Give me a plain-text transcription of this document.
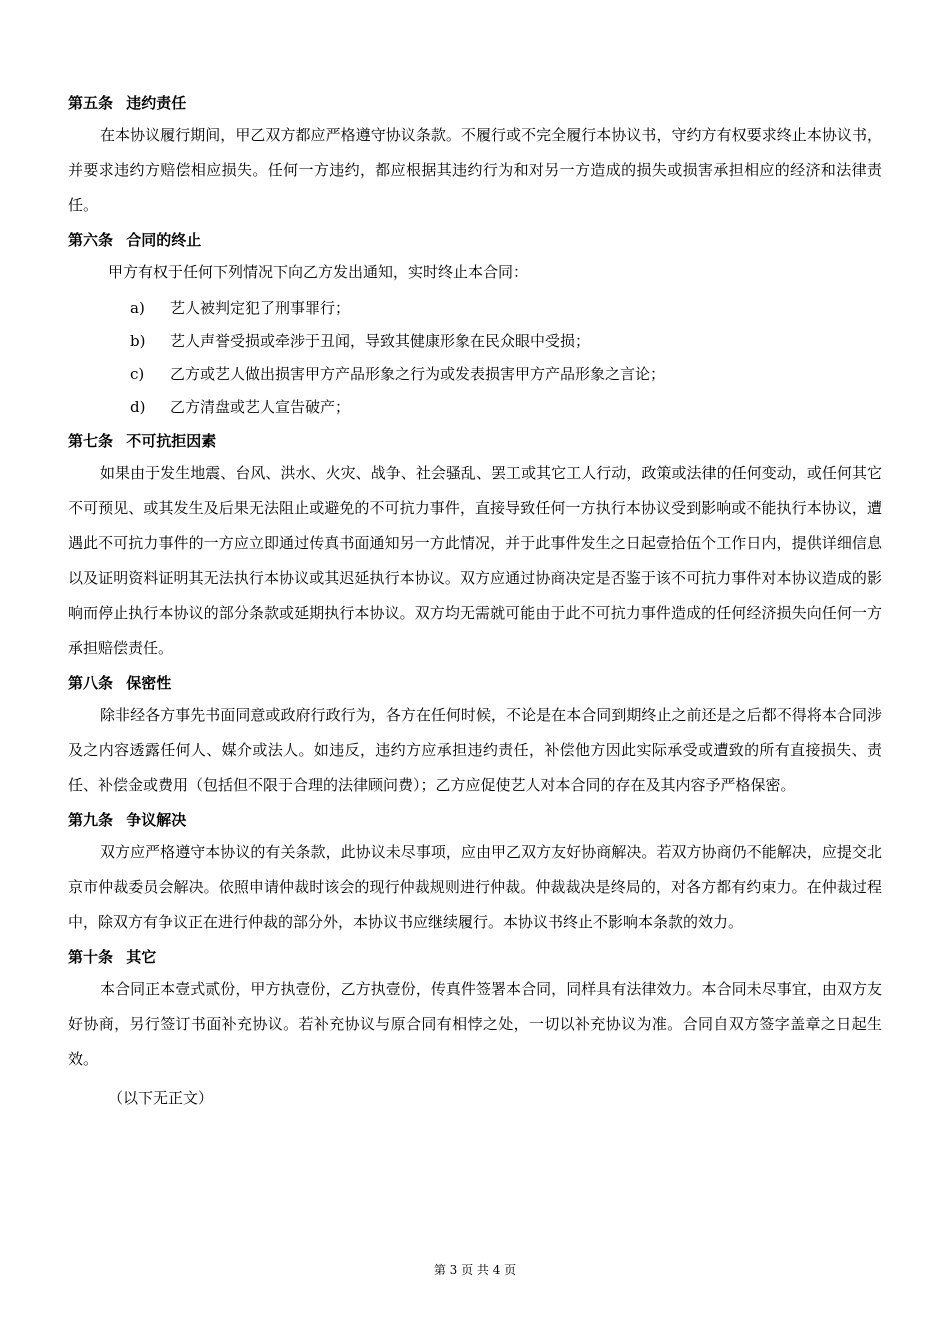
第五条 违约责任

在本协议履行期间，甲乙双方都应严格遵守协议条款。不履行或不完全履行本协议书，守约方有权要求终止本协议书，并要求违约方赔偿相应损失。任何一方违约，都应根据其违约行为和对另一方造成的损失或损害承担相应的经济和法律责任。

第六条 合同的终止

甲方有权于任何下列情况下向乙方发出通知，实时终止本合同：

a)	艺人被判定犯了刑事罪行；
b)	艺人声誉受损或牵涉于丑闻，导致其健康形象在民众眼中受损；
c)	乙方或艺人做出损害甲方产品形象之行为或发表损害甲方产品形象之言论；
d)	乙方清盘或艺人宣告破产；
第七条 不可抗拒因素

如果由于发生地震、台风、洪水、火灾、战争、社会骚乱、罢工或其它工人行动，政策或法律的任何变动，或任何其它不可预见、或其发生及后果无法阻止或避免的不可抗力事件，直接导致任何一方执行本协议受到影响或不能执行本协议，遭遇此不可抗力事件的一方应立即通过传真书面通知另一方此情况，并于此事件发生之日起壹拾伍个工作日内，提供详细信息以及证明资料证明其无法执行本协议或其迟延执行本协议。双方应通过协商决定是否鉴于该不可抗力事件对本协议造成的影响而停止执行本协议的部分条款或延期执行本协议。双方均无需就可能由于此不可抗力事件造成的任何经济损失向任何一方承担赔偿责任。

第八条 保密性

除非经各方事先书面同意或政府行政行为，各方在任何时候，不论是在本合同到期终止之前还是之后都不得将本合同涉及之内容透露任何人、媒介或法人。如违反，违约方应承担违约责任，补偿他方因此实际承受或遭致的所有直接损失、责任、补偿金或费用（包括但不限于合理的法律顾问费）；乙方应促使艺人对本合同的存在及其内容予严格保密。

第九条 争议解决

双方应严格遵守本协议的有关条款，此协议未尽事项，应由甲乙双方友好协商解决。若双方协商仍不能解决，应提交北京市仲裁委员会解决。依照申请仲裁时该会的现行仲裁规则进行仲裁。仲裁裁决是终局的，对各方都有约束力。在仲裁过程中，除双方有争议正在进行仲裁的部分外，本协议书应继续履行。本协议书终止不影响本条款的效力。

第十条 其它

本合同正本壹式贰份，甲方执壹份，乙方执壹份，传真件签署本合同，同样具有法律效力。本合同未尽事宜，由双方友好协商，另行签订书面补充协议。若补充协议与原合同有相悖之处，一切以补充协议为准。合同自双方签字盖章之日起生效。

（以下无正文）
第 3 页 共 4 页
